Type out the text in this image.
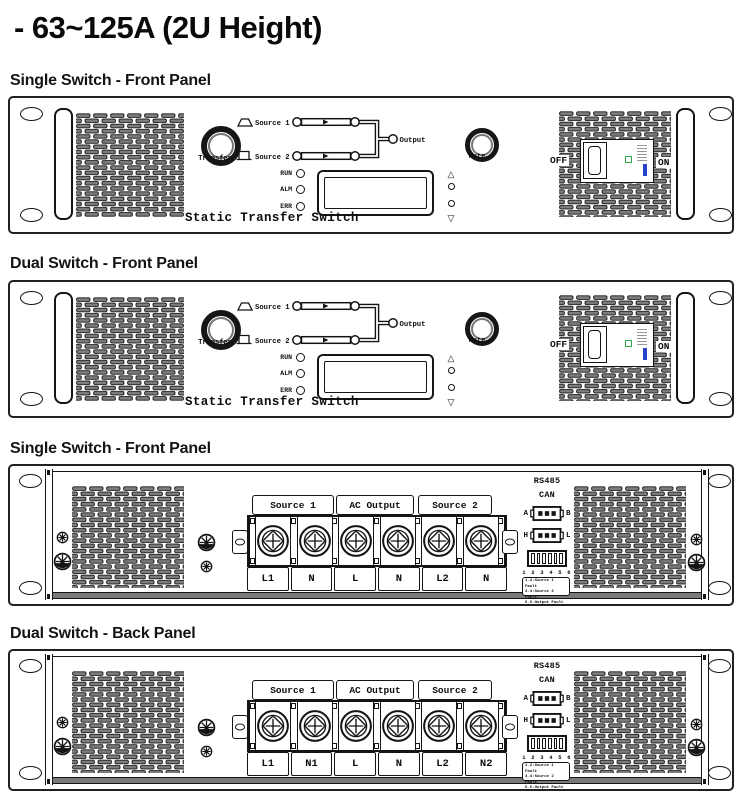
- 63~125A (2U Height)
Single Switch - Front Panel
Dual Switch - Front Panel
Single Switch - Front Panel
Dual Switch - Back Panel
Transfer
Source 1
Source 2
Output
RUN
ALM
ERR
Static Transfer Switch
Mute
△
▽	OFF	ON
Transfer
Source 1
Source 2
Output
RUN
ALM
ERR
Static Transfer Switch
Mute
△
▽	OFF	ON
Source 1	AC Output	Source 2
L1	N	L	N	L2	N
RS485
CAN
A	B
H	L
1 2 3 4 5 6
1.2:Source 1 Fault
3.4:Source 2 Fault
5.6:Output Fault
Source 1	AC Output	Source 2
L1	N1	L	N	L2	N2
RS485
CAN
A	B
H	L
1 2 3 4 5 6
1.2:Source 1 Fault
3.4:Source 2 Fault
5.6:Output Fault
